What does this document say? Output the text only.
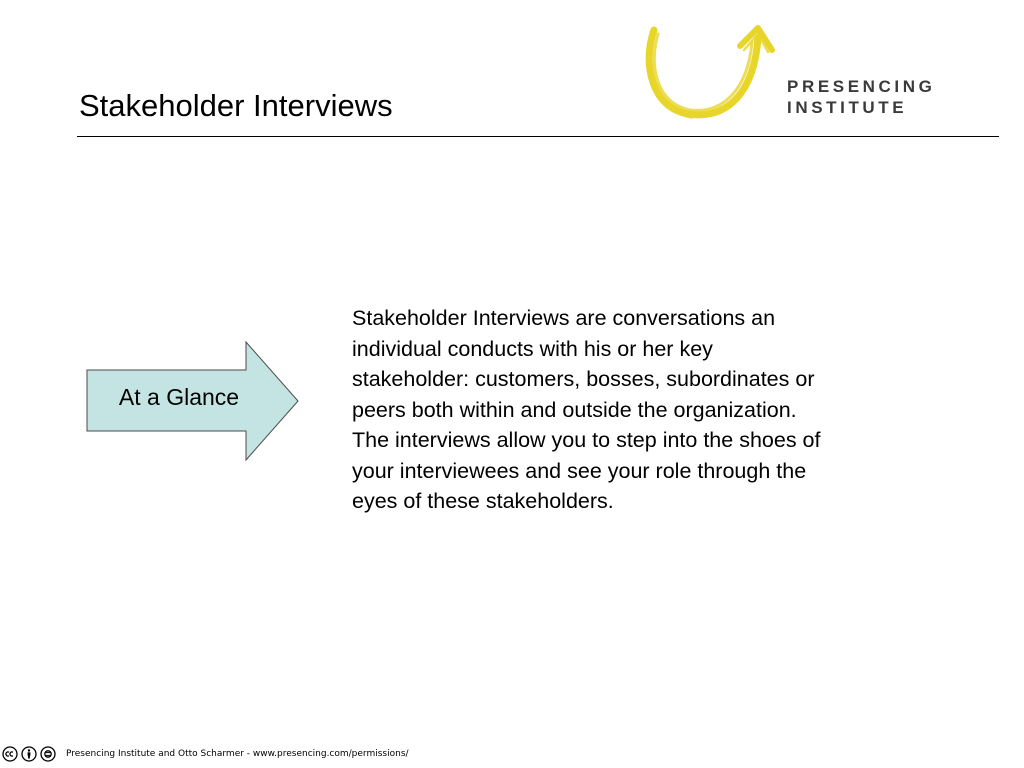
Stakeholder Interviews
PRESENCING
INSTITUTE
At a Glance
Stakeholder Interviews are conversations an
individual conducts with his or her key
stakeholder: customers, bosses, subordinates or
peers both within and outside the organization.
The interviews allow you to step into the shoes of
your interviewees and see your role through the
eyes of these stakeholders.
Presencing Institute and Otto Scharmer - www.presencing.com/permissions/
